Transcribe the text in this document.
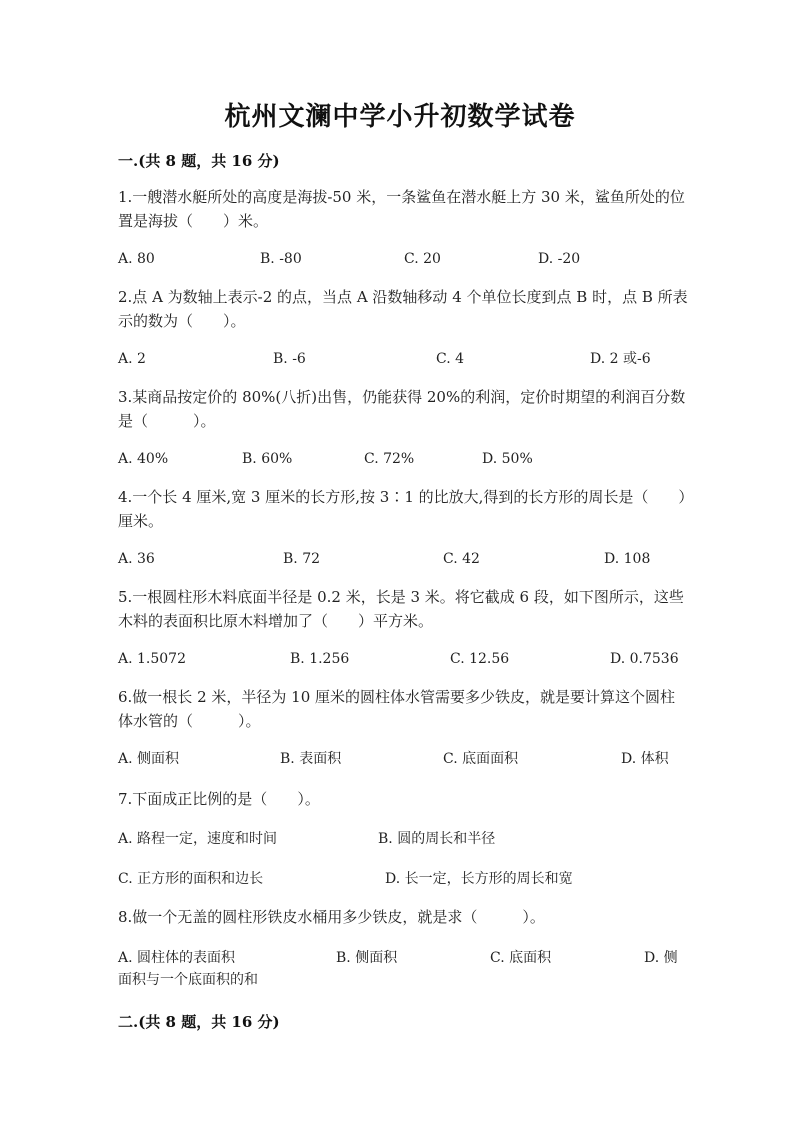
杭州文澜中学小升初数学试卷
一.(共 8 题，共 16 分)
1.一艘潜水艇所处的高度是海拔-50 米，一条鲨鱼在潜水艇上方 30 米，鲨鱼所处的位置是海拔（　　）米。
A. 80	B. -80	C. 20	D. -20
2.点 A 为数轴上表示-2 的点，当点 A 沿数轴移动 4 个单位长度到点 B 时，点 B 所表示的数为（　　）。
A. 2	B. -6	C. 4	D. 2 或-6
3.某商品按定价的 80%(八折)出售，仍能获得 20%的利润，定价时期望的利润百分数是（　　　）。
A. 40%	B. 60%	C. 72%	D. 50%
4.一个长 4 厘米,宽 3 厘米的长方形,按 3∶1 的比放大,得到的长方形的周长是（　　）厘米。
A. 36	B. 72	C. 42	D. 108
5.一根圆柱形木料底面半径是 0.2 米，长是 3 米。将它截成 6 段，如下图所示，这些木料的表面积比原木料增加了（　　）平方米。
A. 1.5072	B. 1.256	C. 12.56	D. 0.7536
6.做一根长 2 米，半径为 10 厘米的圆柱体水管需要多少铁皮，就是要计算这个圆柱体水管的（　　　）。
A. 侧面积	B. 表面积	C. 底面面积	D. 体积
7.下面成正比例的是（　　）。
A. 路程一定，速度和时间	B. 圆的周长和半径
C. 正方形的面积和边长	D. 长一定，长方形的周长和宽
8.做一个无盖的圆柱形铁皮水桶用多少铁皮，就是求（　　　）。
A. 圆柱体的表面积	B. 侧面积	C. 底面积	D. 侧面积与一个底面积的和
二.(共 8 题，共 16 分)
